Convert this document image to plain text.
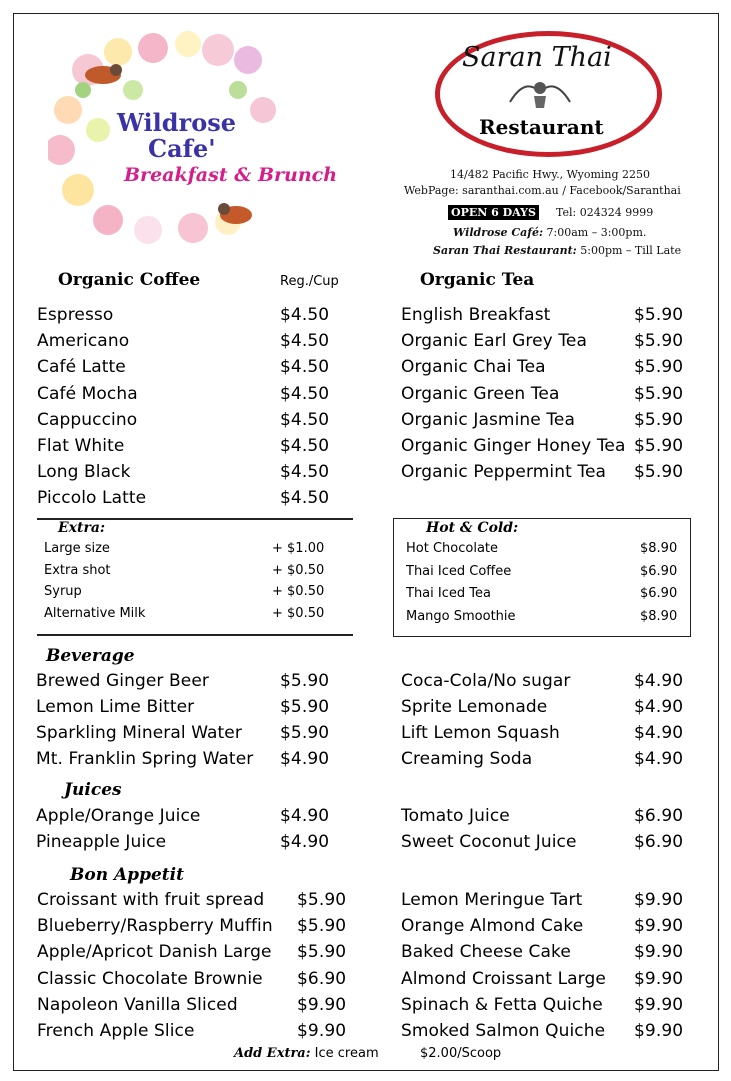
Wildrose
Cafe'
Breakfast & Brunch
Saran Thai
Restaurant
14/482 Pacific Hwy., Wyoming 2250
WebPage: saranthai.com.au / Facebook/Saranthai
OPEN 6 DAYS Tel: 024324 9999
Wildrose Café: 7:00am – 3:00pm.
Saran Thai Restaurant: 5:00pm – Till Late
Organic Coffee	Reg./Cup
Espresso	$4.50
Americano	$4.50
Café Latte	$4.50
Café Mocha	$4.50
Cappuccino	$4.50
Flat White	$4.50
Long Black	$4.50
Piccolo Latte	$4.50
Organic Tea
English Breakfast	$5.90
Organic Earl Grey Tea	$5.90
Organic Chai Tea	$5.90
Organic Green Tea	$5.90
Organic Jasmine Tea	$5.90
Organic Ginger Honey Tea $5.90
Organic Peppermint Tea $5.90
Extra:
Large size	+ $1.00
Extra shot	+ $0.50
Syrup	+ $0.50
Alternative Milk	+ $0.50
Hot & Cold:
Hot Chocolate	$8.90
Thai Iced Coffee	$6.90
Thai Iced Tea	$6.90
Mango Smoothie	$8.90
Beverage
Brewed Ginger Beer	$5.90
Lemon Lime Bitter	$5.90
Sparkling Mineral Water $5.90
Mt. Franklin Spring Water $4.90
Coca-Cola/No sugar	$4.90
Sprite Lemonade	$4.90
Lift Lemon Squash	$4.90
Creaming Soda	$4.90
Juices
Apple/Orange Juice	$4.90
Pineapple Juice	$4.90
Tomato Juice	$6.90
Sweet Coconut Juice	$6.90
Bon Appetit
Croissant with fruit spread $5.90
Blueberry/Raspberry Muffin $5.90
Apple/Apricot Danish Large $5.90
Classic Chocolate Brownie $6.90
Napoleon Vanilla Sliced	$9.90
French Apple Slice	$9.90
Lemon Meringue Tart	$9.90
Orange Almond Cake	$9.90
Baked Cheese Cake	$9.90
Almond Croissant Large $9.90
Spinach & Fetta Quiche $9.90
Smoked Salmon Quiche $9.90
Add Extra: Ice cream	$2.00/Scoop
